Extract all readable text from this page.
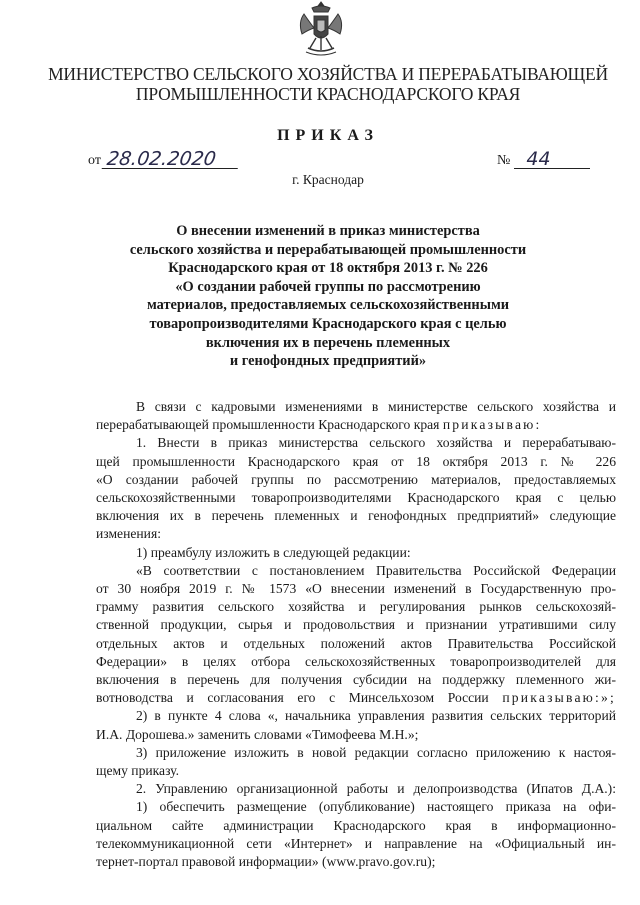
МИНИСТЕРСТВО СЕЛЬСКОГО ХОЗЯЙСТВА И ПЕРЕРАБАТЫВАЮЩЕЙ
ПРОМЫШЛЕННОСТИ КРАСНОДАРСКОГО КРАЯ
ПРИКАЗ
от 28.02.2020	№ 44
г. Краснодар
О внесении изменений в приказ министерства
сельского хозяйства и перерабатывающей промышленности
Краснодарского края от 18 октября 2013 г. № 226
«О создании рабочей группы по рассмотрению
материалов, предоставляемых сельскохозяйственными
товаропроизводителями Краснодарского края с целью
включения их в перечень племенных
и генофондных предприятий»
В связи с кадровыми изменениями в министерстве сельского хозяйства и
перерабатывающей промышленности Краснодарского края приказываю:
1. Внести в приказ министерства сельского хозяйства и перерабатываю-
щей промышленности Краснодарского края от 18 октября 2013 г. № 226
«О создании рабочей группы по рассмотрению материалов, предоставляемых
сельскохозяйственными товаропроизводителями Краснодарского края с целью
включения их в перечень племенных и генофондных предприятий» следующие
изменения:
1) преамбулу изложить в следующей редакции:
«В соответствии с постановлением Правительства Российской Федерации
от 30 ноября 2019 г. № 1573 «О внесении изменений в Государственную про-
грамму развития сельского хозяйства и регулирования рынков сельскохозяй-
ственной продукции, сырья и продовольствия и признании утратившими силу
отдельных актов и отдельных положений актов Правительства Российской
Федерации» в целях отбора сельскохозяйственных товаропроизводителей для
включения в перечень для получения субсидии на поддержку племенного жи-
вотноводства и согласования его с Минсельхозом России приказываю:»;
2) в пункте 4 слова «, начальника управления развития сельских территорий
И.А. Дорошева.» заменить словами «Тимофеева М.Н.»;
3) приложение изложить в новой редакции согласно приложению к настоя-
щему приказу.
2. Управлению организационной работы и делопроизводства (Ипатов Д.А.):
1) обеспечить размещение (опубликование) настоящего приказа на офи-
циальном сайте администрации Краснодарского края в информационно-
телекоммуникационной сети «Интернет» и направление на «Официальный ин-
тернет-портал правовой информации» (www.pravo.gov.ru);
